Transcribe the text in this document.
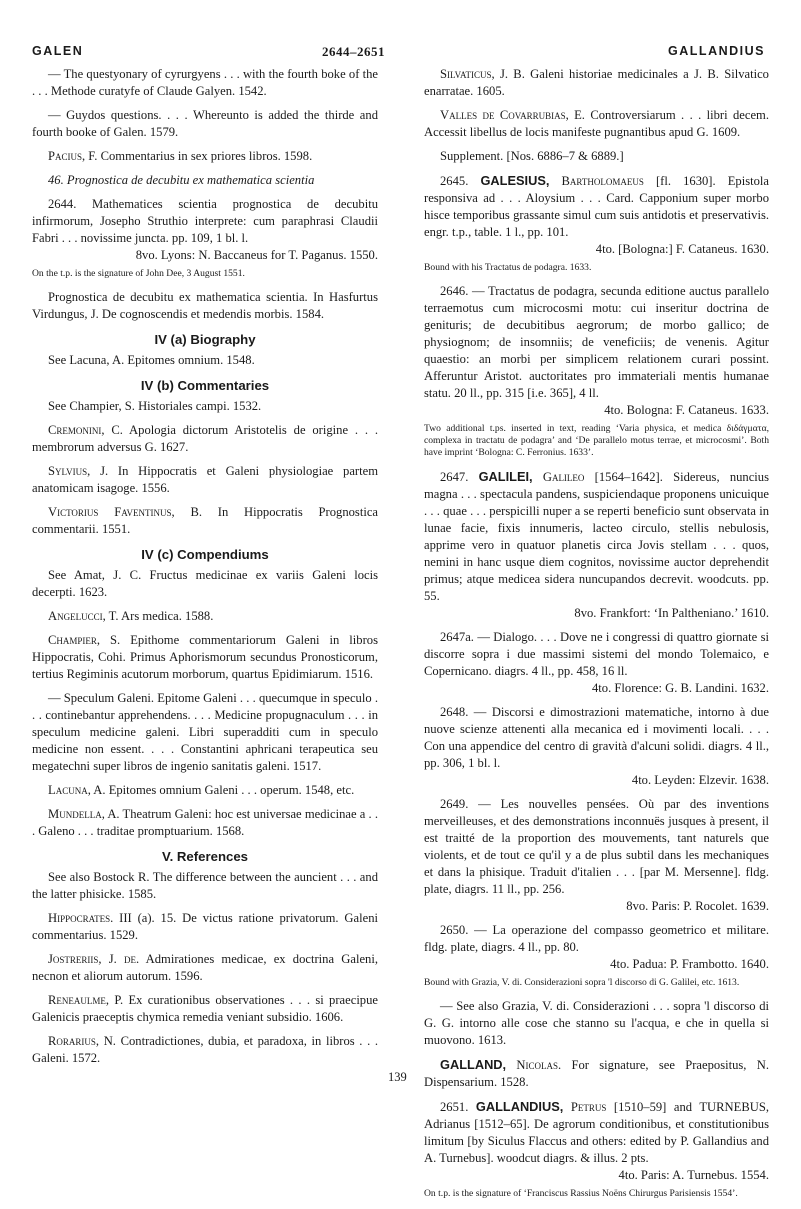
GALEN	2644–2651	GALLANDIUS

— The questyonary of cyrurgyens . . . with the fourth boke of the . . . Methode curatyfe of Claude Galyen. 1542.

— Guydos questions. . . . Whereunto is added the thirde and fourth booke of Galen. 1579.

Pacius, F. Commentarius in sex priores libros. 1598.

46. Prognostica de decubitu ex mathematica scientia

2644. Mathematices scientia prognostica de decubitu infirmorum, Josepho Struthio interprete: cum paraphrasi Claudii Fabri . . . novissime juncta. pp. 109, 1 bl. l.
8vo. Lyons: N. Baccaneus for T. Paganus. 1550.

On the t.p. is the signature of John Dee, 3 August 1551.

Prognostica de decubitu ex mathematica scientia. In Hasfurtus Virdungus, J. De cognoscendis et medendis morbis. 1584.

IV (a) Biography

See Lacuna, A. Epitomes omnium. 1548.

IV (b) Commentaries

See Champier, S. Historiales campi. 1532.

Cremonini, C. Apologia dictorum Aristotelis de origine . . . membrorum adversus G. 1627.

Sylvius, J. In Hippocratis et Galeni physiologiae partem anatomicam isagoge. 1556.

Victorius Faventinus, B. In Hippocratis Prognostica commentarii. 1551.

IV (c) Compendiums

See Amat, J. C. Fructus medicinae ex variis Galeni locis decerpti. 1623.

Angelucci, T. Ars medica. 1588.

Champier, S. Epithome commentariorum Galeni in libros Hippocratis, Cohi. Primus Aphorismorum secundus Pronosticorum, tertius Regiminis acutorum morborum, quartus Epidimiarum. 1516.

— Speculum Galeni. Epitome Galeni . . . quecumque in speculo . . . continebantur apprehendens. . . . Medicine propugnaculum . . . in speculum medicine galeni. Libri superadditi cum in speculo medicine non essent. . . . Constantini aphricani terapeutica seu megatechni super libros de ingenio sanitatis galeni. 1517.

Lacuna, A. Epitomes omnium Galeni . . . operum. 1548, etc.

Mundella, A. Theatrum Galeni: hoc est universae medicinae a . . . Galeno . . . traditae promptuarium. 1568.

V. References

See also Bostock R. The difference between the auncient . . . and the latter phisicke. 1585.

Hippocrates. III (a). 15. De victus ratione privatorum. Galeni commentarius. 1529.

Jostreriis, J. de. Admirationes medicae, ex doctrina Galeni, necnon et aliorum autorum. 1596.

Reneaulme, P. Ex curationibus observationes . . . si praecipue Galenicis praeceptis chymica remedia veniant subsidio. 1606.

Rorarius, N. Contradictiones, dubia, et paradoxa, in libros . . . Galeni. 1572.

Silvaticus, J. B. Galeni historiae medicinales a J. B. Silvatico enarratae. 1605.

Valles de Covarrubias, E. Controversiarum . . . libri decem. Accessit libellus de locis manifeste pugnantibus apud G. 1609.

Supplement. [Nos. 6886–7 & 6889.]

2645. GALESIUS, Bartholomaeus [fl. 1630]. Epistola responsiva ad . . . Aloysium . . . Card. Capponium super morbo hisce temporibus grassante simul cum suis antidotis et preservativis. engr. t.p., table. 1 l., pp. 101.
4to. [Bologna:] F. Cataneus. 1630.

Bound with his Tractatus de podagra. 1633.

2646. — Tractatus de podagra, secunda editione auctus parallelo terraemotus cum microcosmi motu: cui inseritur doctrina de genituris; de decubitibus aegrorum; de morbo gallico; de physiognom; de insomniis; de veneficiis; de venenis. Agitur quaestio: an morbi per simplicem relationem curari possint. Afferuntur Aristot. auctoritates pro immateriali mentis humanae statu. 20 ll., pp. 315 [i.e. 365], 4 ll.
4to. Bologna: F. Cataneus. 1633.

Two additional t.ps. inserted in text, reading ‘Varia physica, et medica διδάγματα, complexa in tractatu de podagra’ and ‘De parallelo motus terrae, et microcosmi’. Both have imprint ‘Bologna: C. Ferronius. 1633’.

2647. GALILEI, Galileo [1564–1642]. Sidereus, nuncius magna . . . spectacula pandens, suspiciendaque proponens unicuique . . . quae . . . perspicilli nuper a se reperti beneficio sunt observata in lunae facie, fixis innumeris, lacteo circulo, stellis nebulosis, apprime vero in quatuor planetis circa Jovis stellam . . . quos, nemini in hanc usque diem cognitos, novissime auctor deprehendit primus; atque medicea sidera nuncupandos decrevit. woodcuts. pp. 55.
8vo. Frankfort: ‘In Paltheniano.’ 1610.

2647a. — Dialogo. . . . Dove ne i congressi di quattro giornate si discorre sopra i due massimi sistemi del mondo Tolemaico, e Copernicano. diagrs. 4 ll., pp. 458, 16 ll.
4to. Florence: G. B. Landini. 1632.

2648. — Discorsi e dimostrazioni matematiche, intorno à due nuove scienze attenenti alla mecanica ed i movimenti locali. . . . Con una appendice del centro di gravità d'alcuni solidi. diagrs. 4 ll., pp. 306, 1 bl. l.
4to. Leyden: Elzevir. 1638.

2649. — Les nouvelles pensées. Où par des inventions merveilleuses, et des demonstrations inconnuës jusques à present, il est traitté de la proportion des mouvements, tant naturels que violents, et de tout ce qu'il y a de plus subtil dans les mechaniques et dans la phisique. Traduit d'italien . . . [par M. Mersenne]. fldg. plate, diagrs. 11 ll., pp. 256.
8vo. Paris: P. Rocolet. 1639.

2650. — La operazione del compasso geometrico et militare. fldg. plate, diagrs. 4 ll., pp. 80.
4to. Padua: P. Frambotto. 1640.

Bound with Grazia, V. di. Considerazioni sopra 'l discorso di G. Galilei, etc. 1613.

— See also Grazia, V. di. Considerazioni . . . sopra 'l discorso di G. G. intorno alle cose che stanno su l'acqua, e che in quella si muovono. 1613.

GALLAND, Nicolas. For signature, see Praepositus, N. Dispensarium. 1528.

2651. GALLANDIUS, Petrus [1510–59] and TURNEBUS, Adrianus [1512–65]. De agrorum conditionibus, et constitutionibus limitum [by Siculus Flaccus and others: edited by P. Gallandius and A. Turnebus]. woodcut diagrs. & illus. 2 pts.
4to. Paris: A. Turnebus. 1554.

On t.p. is the signature of ‘Franciscus Rassius Noëns Chirurgus Parisiensis 1554’.

139
